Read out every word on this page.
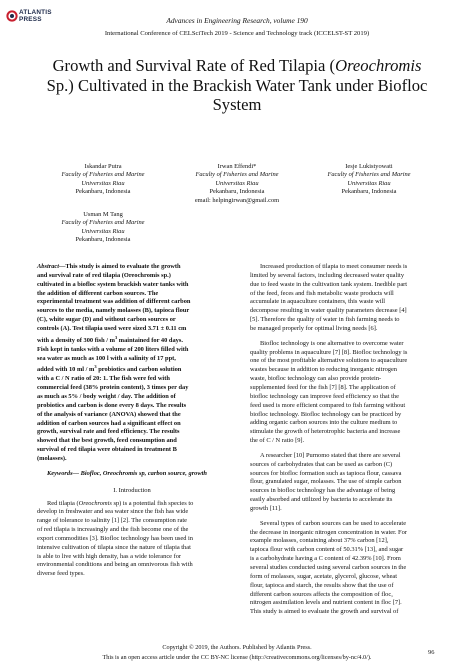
ATLANTIS
PRESS	Advances in Engineering Research, volume 190
International Conference of CELSciTech 2019 - Science and Technology track (ICCELST-ST 2019)
Growth and Survival Rate of Red Tilapia (Oreochromis Sp.) Cultivated in the Brackish Water Tank under Biofloc System
Iskandar Putra
Faculty of Fisheries and Marine
Universitas Riau
Pekanbaru, Indonesia
Irwan Effendi*
Faculty of Fisheries and Marine
Universitas Riau
Pekanbaru, Indonesia
email: helpingirwan@gmail.com
Iesje Lukistyowati
Faculty of Fisheries and Marine
Universitas Riau
Pekanbaru, Indonesia
Usman M Tang
Faculty of Fisheries and Marine
Universitas Riau
Pekanbaru, Indonesia
Abstract—This study is aimed to evaluate the growth
and survival rate of red tilapia (Oreochromis sp.)
cultivated in a biofloc system brackish water tanks with
the addition of different carbon sources. The
experimental treatment was addition of different carbon
sources to the media, namely molasses (B), tapioca flour
(C), white sugar (D) and without carbon sources or
controls (A). Test tilapia used were sized 3.71 ± 0.11 cm
with a density of 300 fish / $m^3$ maintained for 40 days.
Fish kept in tanks with a volume of 200 liters filled with
sea water as much as 100 l with a salinity of 17 ppt,
added with 10 ml / $m^3$ probiotics and carbon solution
with a C / N ratio of 20: 1. The fish were fed with
commercial feed (38% protein content), 3 times per day
as much as 5% / body weight / day. The addition of
probiotics and carbon is done every 8 days. The results
of the analysis of variance (ANOVA) showed that the
addition of carbon sources had a significant effect on
growth, survival rate and feed efficiency. The results
showed that the best growth, feed consumption and
survival of red tilapia were obtained in treatment B
(molasses).
Keywords— Biofloc, Oreochromis sp, carbon source, growth
I. Introduction
Red tilapia (Oreochromis sp) is a potential fish species to
develop in freshwater and sea water since the fish has wide
range of tolerance to salinity [1] [2]. The consumption rate
of red tilapia is increasingly and the fish become one of the
export commodities [3]. Biofloc technology has been used in
intensive cultivation of tilapia since the nature of tilapia that
is able to live with high density, has a wide tolerance for
environmental conditions and being an omnivorous fish with
diverse feed types.
Increased production of tilapia to meet consumer needs is
limited by several factors, including decreased water quality
due to feed waste in the cultivation tank system. Inedible part
of the feed, feces and fish metabolic waste products will
accumulate in aquaculture containers, this waste will
decompose resulting in water quality parameters decrease [4]
[5]. Therefore the quality of water in fish farming needs to
be managed properly for optimal living needs [6].
Biofloc technology is one alternative to overcome water
quality problems in aquaculture [7] [8]. Biofloc technology is
one of the most profitable alternative solutions to aquaculture
wastes because in addition to reducing inorganic nitrogen
waste, biofloc technology can also provide protein-
supplemented feed for the fish [7] [8]. The application of
biofloc technology can improve feed efficiency so that the
feed used is more efficient compared to fish farming without
biofloc technology. Biofloc technology can be practiced by
adding organic carbon sources into the culture medium to
stimulate the growth of heterotrophic bacteria and increase
the of C / N ratio [9].
A researcher [10] Purnomo stated that there are several
sources of carbohydrates that can be used as carbon (C)
sources for biofloc formation such as tapioca flour, cassava
flour, granulated sugar, molasses. The use of simple carbon
sources in biofloc technology has the advantage of being
easily absorbed and utilized by bacteria to accelerate its
growth [11].
Several types of carbon sources can be used to accelerate
the decrease in inorganic nitrogen concentration in water. For
example molasses, containing about 37% carbon [12],
tapioca flour with carbon content of 50.31% [13], and sugar
is a carbohydrate having a C content of 42.39% [10]. From
several studies conducted using several carbon sources in the
form of molasses, sugar, acetate, glycerol, glucose, wheat
flour, tapioca and starch, the results show that the use of
different carbon sources affects the composition of floc,
nitrogen assimilation levels and nutrient content in floc [7].
This study is aimed to evaluate the growth and survival of
Copyright © 2019, the Authors. Published by Atlantis Press.
This is an open access article under the CC BY-NC license (http://creativecommons.org/licenses/by-nc/4.0/).
96
